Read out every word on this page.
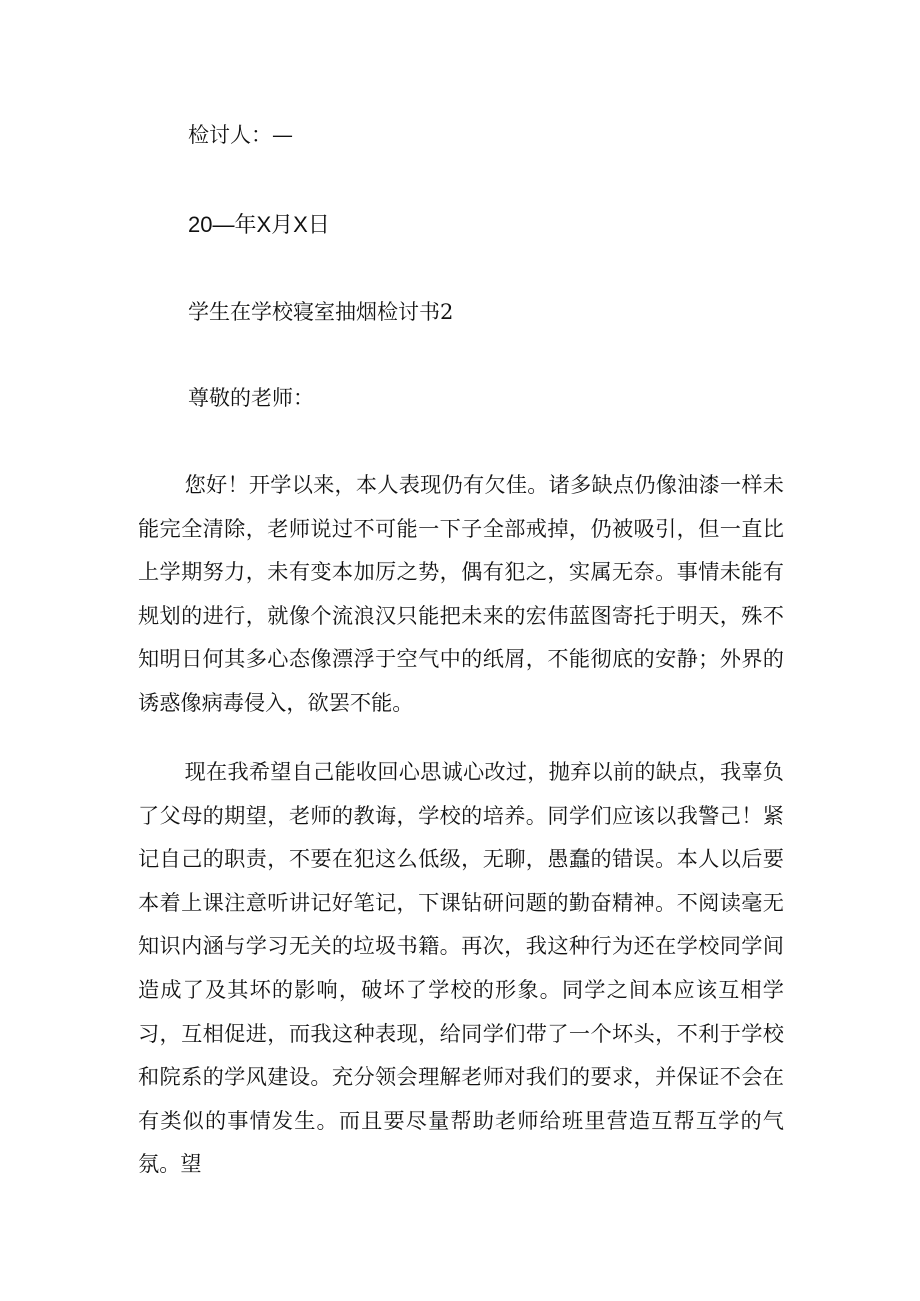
检讨人：—
20—年X月X日
学生在学校寝室抽烟检讨书2
尊敬的老师：

您好！开学以来，本人表现仍有欠佳。诸多缺点仍像油漆一样未能完全清除，老师说过不可能一下子全部戒掉，仍被吸引，但一直比上学期努力，未有变本加厉之势，偶有犯之，实属无奈。事情未能有规划的进行，就像个流浪汉只能把未来的宏伟蓝图寄托于明天，殊不知明日何其多心态像漂浮于空气中的纸屑，不能彻底的安静；外界的诱惑像病毒侵入，欲罢不能。

现在我希望自己能收回心思诚心改过，抛弃以前的缺点，我辜负了父母的期望，老师的教诲，学校的培养。同学们应该以我警己！紧记自己的职责，不要在犯这么低级，无聊，愚蠢的错误。本人以后要本着上课注意听讲记好笔记，下课钻研问题的勤奋精神。不阅读毫无知识内涵与学习无关的垃圾书籍。再次，我这种行为还在学校同学间造成了及其坏的影响，破坏了学校的形象。同学之间本应该互相学习，互相促进，而我这种表现，给同学们带了一个坏头，不利于学校和院系的学风建设。充分领会理解老师对我们的要求，并保证不会在有类似的事情发生。而且要尽量帮助老师给班里营造互帮互学的气氛。望
